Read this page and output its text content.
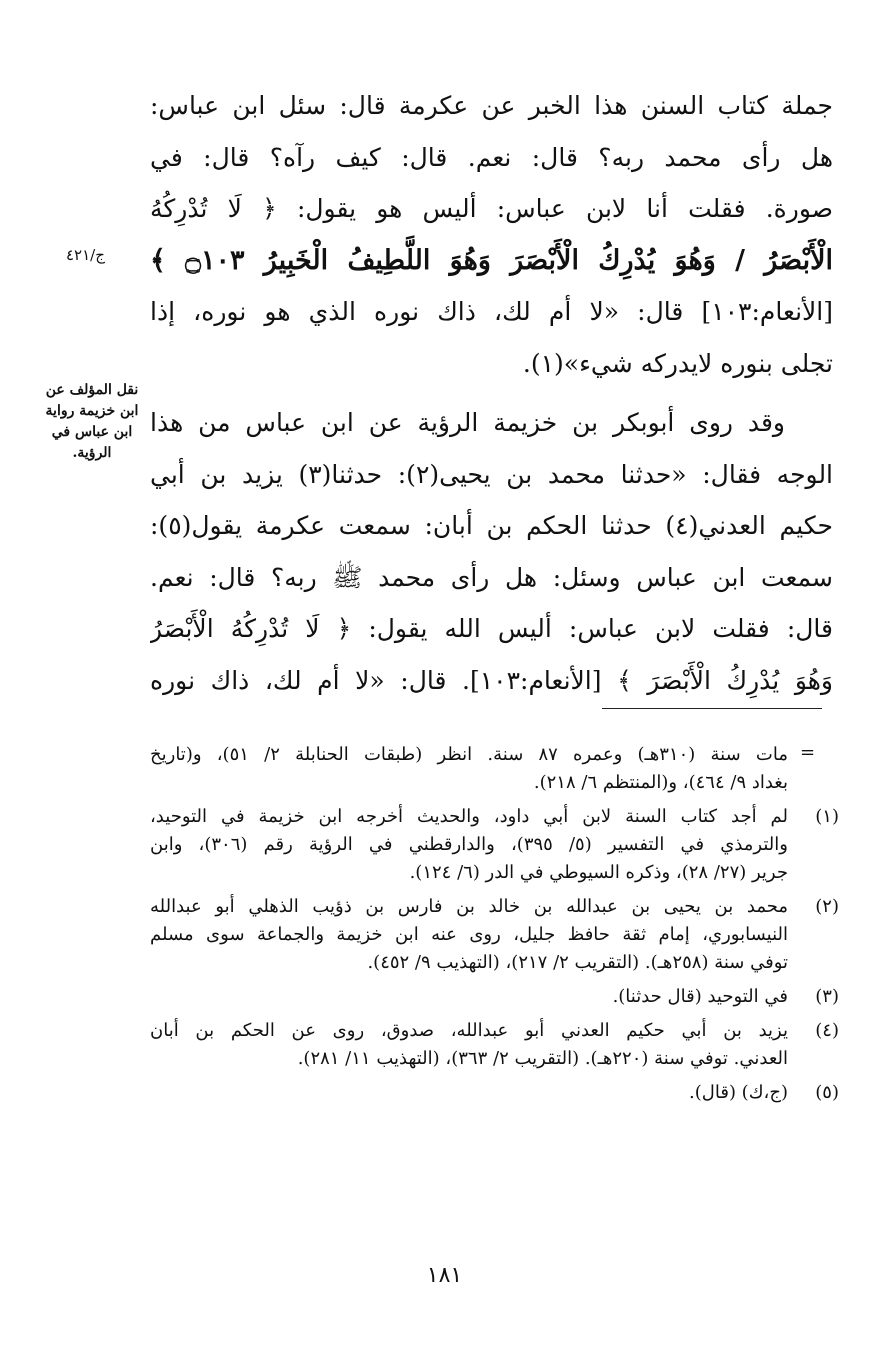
جملة كتاب السنن هذا الخبر عن عكرمة قال: سئل ابن عباس:
هل رأى محمد ربه؟ قال: نعم. قال: كيف رآه؟ قال: في
صورة. فقلت أنا لابن عباس: أليس هو يقول: ﴿ لَا تُدْرِكُهُ
الْأَبْصَرُ / وَهُوَ يُدْرِكُ الْأَبْصَرَ وَهُوَ اللَّطِيفُ الْخَبِيرُ ۝١٠٣ ﴾
[الأنعام:١٠٣] قال: «لا أم لك، ذاك نوره الذي هو نوره، إذا
تجلى بنوره لايدركه شيء»(١).
وقد روى أبوبكر بن خزيمة الرؤية عن ابن عباس من هذا
الوجه فقال: «حدثنا محمد بن يحيى(٢): حدثنا(٣) يزيد بن أبي
حكيم العدني(٤) حدثنا الحكم بن أبان: سمعت عكرمة يقول(٥):
سمعت ابن عباس وسئل: هل رأى محمد ﷺ ربه؟ قال: نعم.
قال: فقلت لابن عباس: أليس الله يقول: ﴿ لَا تُدْرِكُهُ الْأَبْصَرُ
وَهُوَ يُدْرِكُ الْأَبْصَرَ ﴾ [الأنعام:١٠٣]. قال: «لا أم لك، ذاك نوره
ج/٤٢١
نقل المؤلف عن
ابن خزيمة رواية
ابن عباس في
الرؤية.
=
مات سنة (٣١٠هـ) وعمره ٨٧ سنة. انظر (طبقات الحنابلة ٢/ ٥١)، و(تاريخ
بغداد ٩/ ٤٦٤)، و(المنتظم ٦/ ٢١٨).
(١)
لم أجد كتاب السنة لابن أبي داود، والحديث أخرجه ابن خزيمة في التوحيد،
والترمذي في التفسير (٥/ ٣٩٥)، والدارقطني في الرؤية رقم (٣٠٦)، وابن
جرير (٢٧/ ٢٨)، وذكره السيوطي في الدر (٦/ ١٢٤).
(٢)
محمد بن يحيى بن عبدالله بن خالد بن فارس بن ذؤيب الذهلي أبو عبدالله
النيسابوري، إمام ثقة حافظ جليل، روى عنه ابن خزيمة والجماعة سوى مسلم
توفي سنة (٢٥٨هـ). (التقريب ٢/ ٢١٧)، (التهذيب ٩/ ٤٥٢).
(٣)
في التوحيد (قال حدثنا).
(٤)
يزيد بن أبي حكيم العدني أبو عبدالله، صدوق، روى عن الحكم بن أبان
العدني. توفي سنة (٢٢٠هـ). (التقريب ٢/ ٣٦٣)، (التهذيب ١١/ ٢٨١).
(٥)
(ج،ك) (قال).
١٨١
